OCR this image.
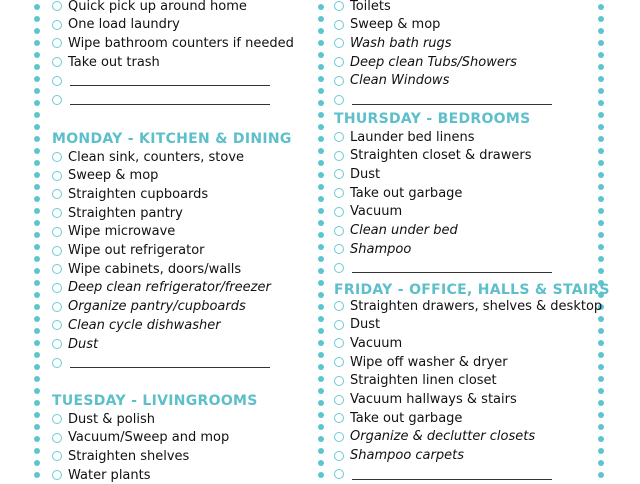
Quick pick up around home
One load laundry
Wipe bathroom counters if needed
Take out trash
MONDAY - KITCHEN & DINING
Clean sink, counters, stove
Sweep & mop
Straighten cupboards
Straighten pantry
Wipe microwave
Wipe out refrigerator
Wipe cabinets, doors/walls
Deep clean refrigerator/freezer
Organize pantry/cupboards
Clean cycle dishwasher
Dust
TUESDAY - LIVINGROOMS
Dust & polish
Vacuum/Sweep and mop
Straighten shelves
Water plants
Toilets
Sweep & mop
Wash bath rugs
Deep clean Tubs/Showers
Clean Windows
THURSDAY - BEDROOMS
Launder bed linens
Straighten closet & drawers
Dust
Take out garbage
Vacuum
Clean under bed
Shampoo
FRIDAY - OFFICE, HALLS & STAIRS
Straighten drawers, shelves & desktop
Dust
Vacuum
Wipe off washer & dryer
Straighten linen closet
Vacuum hallways & stairs
Take out garbage
Organize & declutter closets
Shampoo carpets
